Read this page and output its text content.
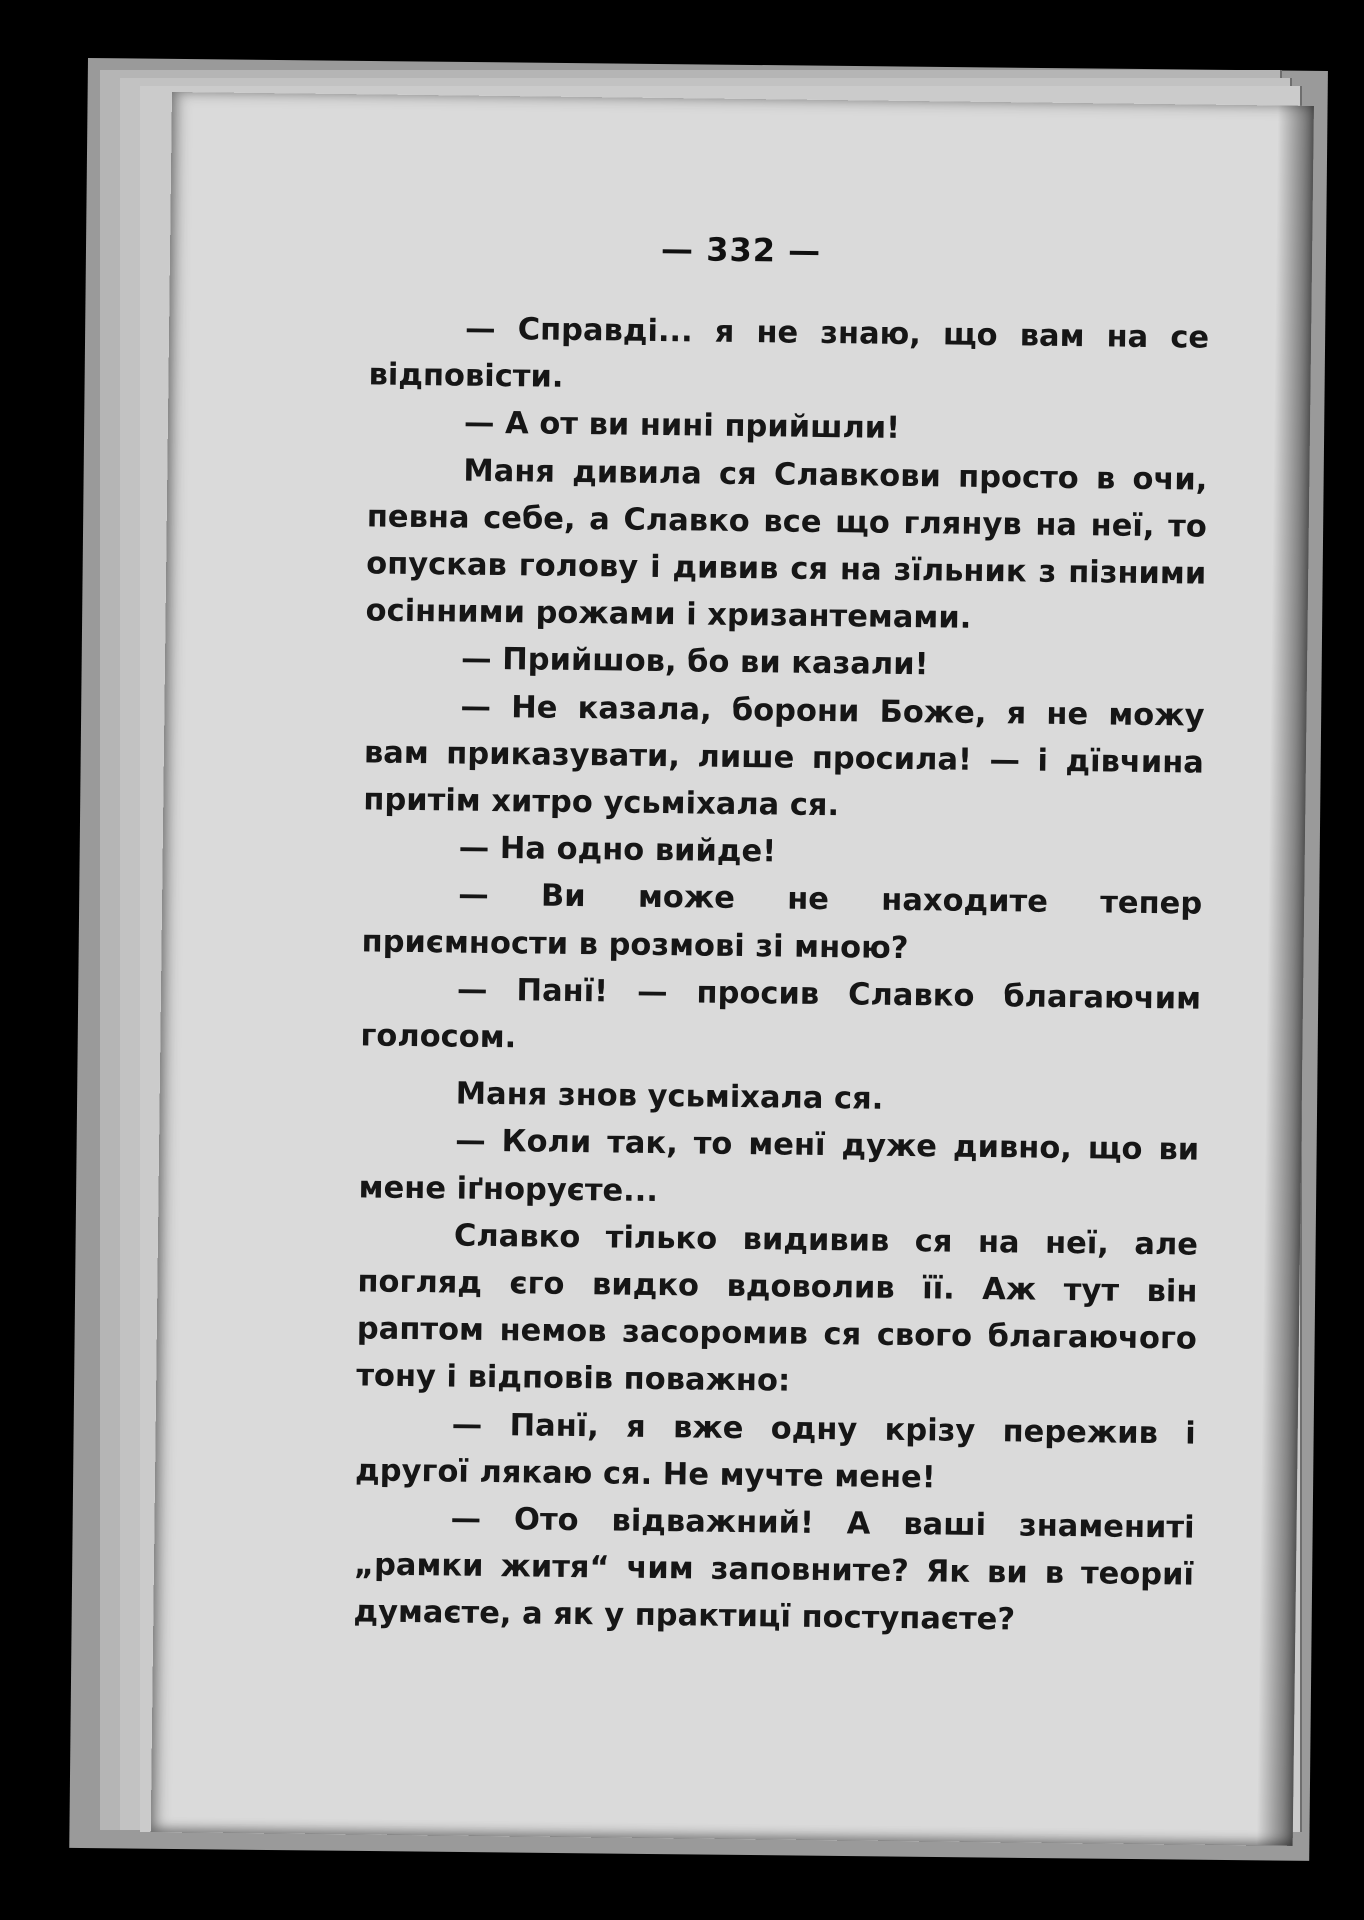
— 332 —

— Справді... я не знаю, що вам на се відповісти.

— А от ви нині прийшли!

Маня дивила ся Славкови просто в очи, певна себе, а Славко все що глянув на неї, то опускав голову і дивив ся на зїльник з пізними осінними рожами і хризантемами.

— Прийшов, бо ви казали!

— Не казала, борони Боже, я не можу вам приказувати, лише просила! — і дївчина притім хитро усьміхала ся.

— На одно вийде!

— Ви може не находите тепер приємности в розмові зі мною?

— Панї! — просив Славко благаючим голосом.

Маня знов усьміхала ся.

— Коли так, то менї дуже дивно, що ви мене іґноруєте...

Славко тілько видивив ся на неї, але погляд єго видко вдоволив її. Аж тут він раптом немов засоромив ся свого благаючого тону і відповів поважно:

— Панї, я вже одну крізу пережив і другої лякаю ся. Не мучте мене!

— Ото відважний! А ваші знамениті „рамки житя“ чим заповните? Як ви в теориї думаєте, а як у практицї поступаєте?
